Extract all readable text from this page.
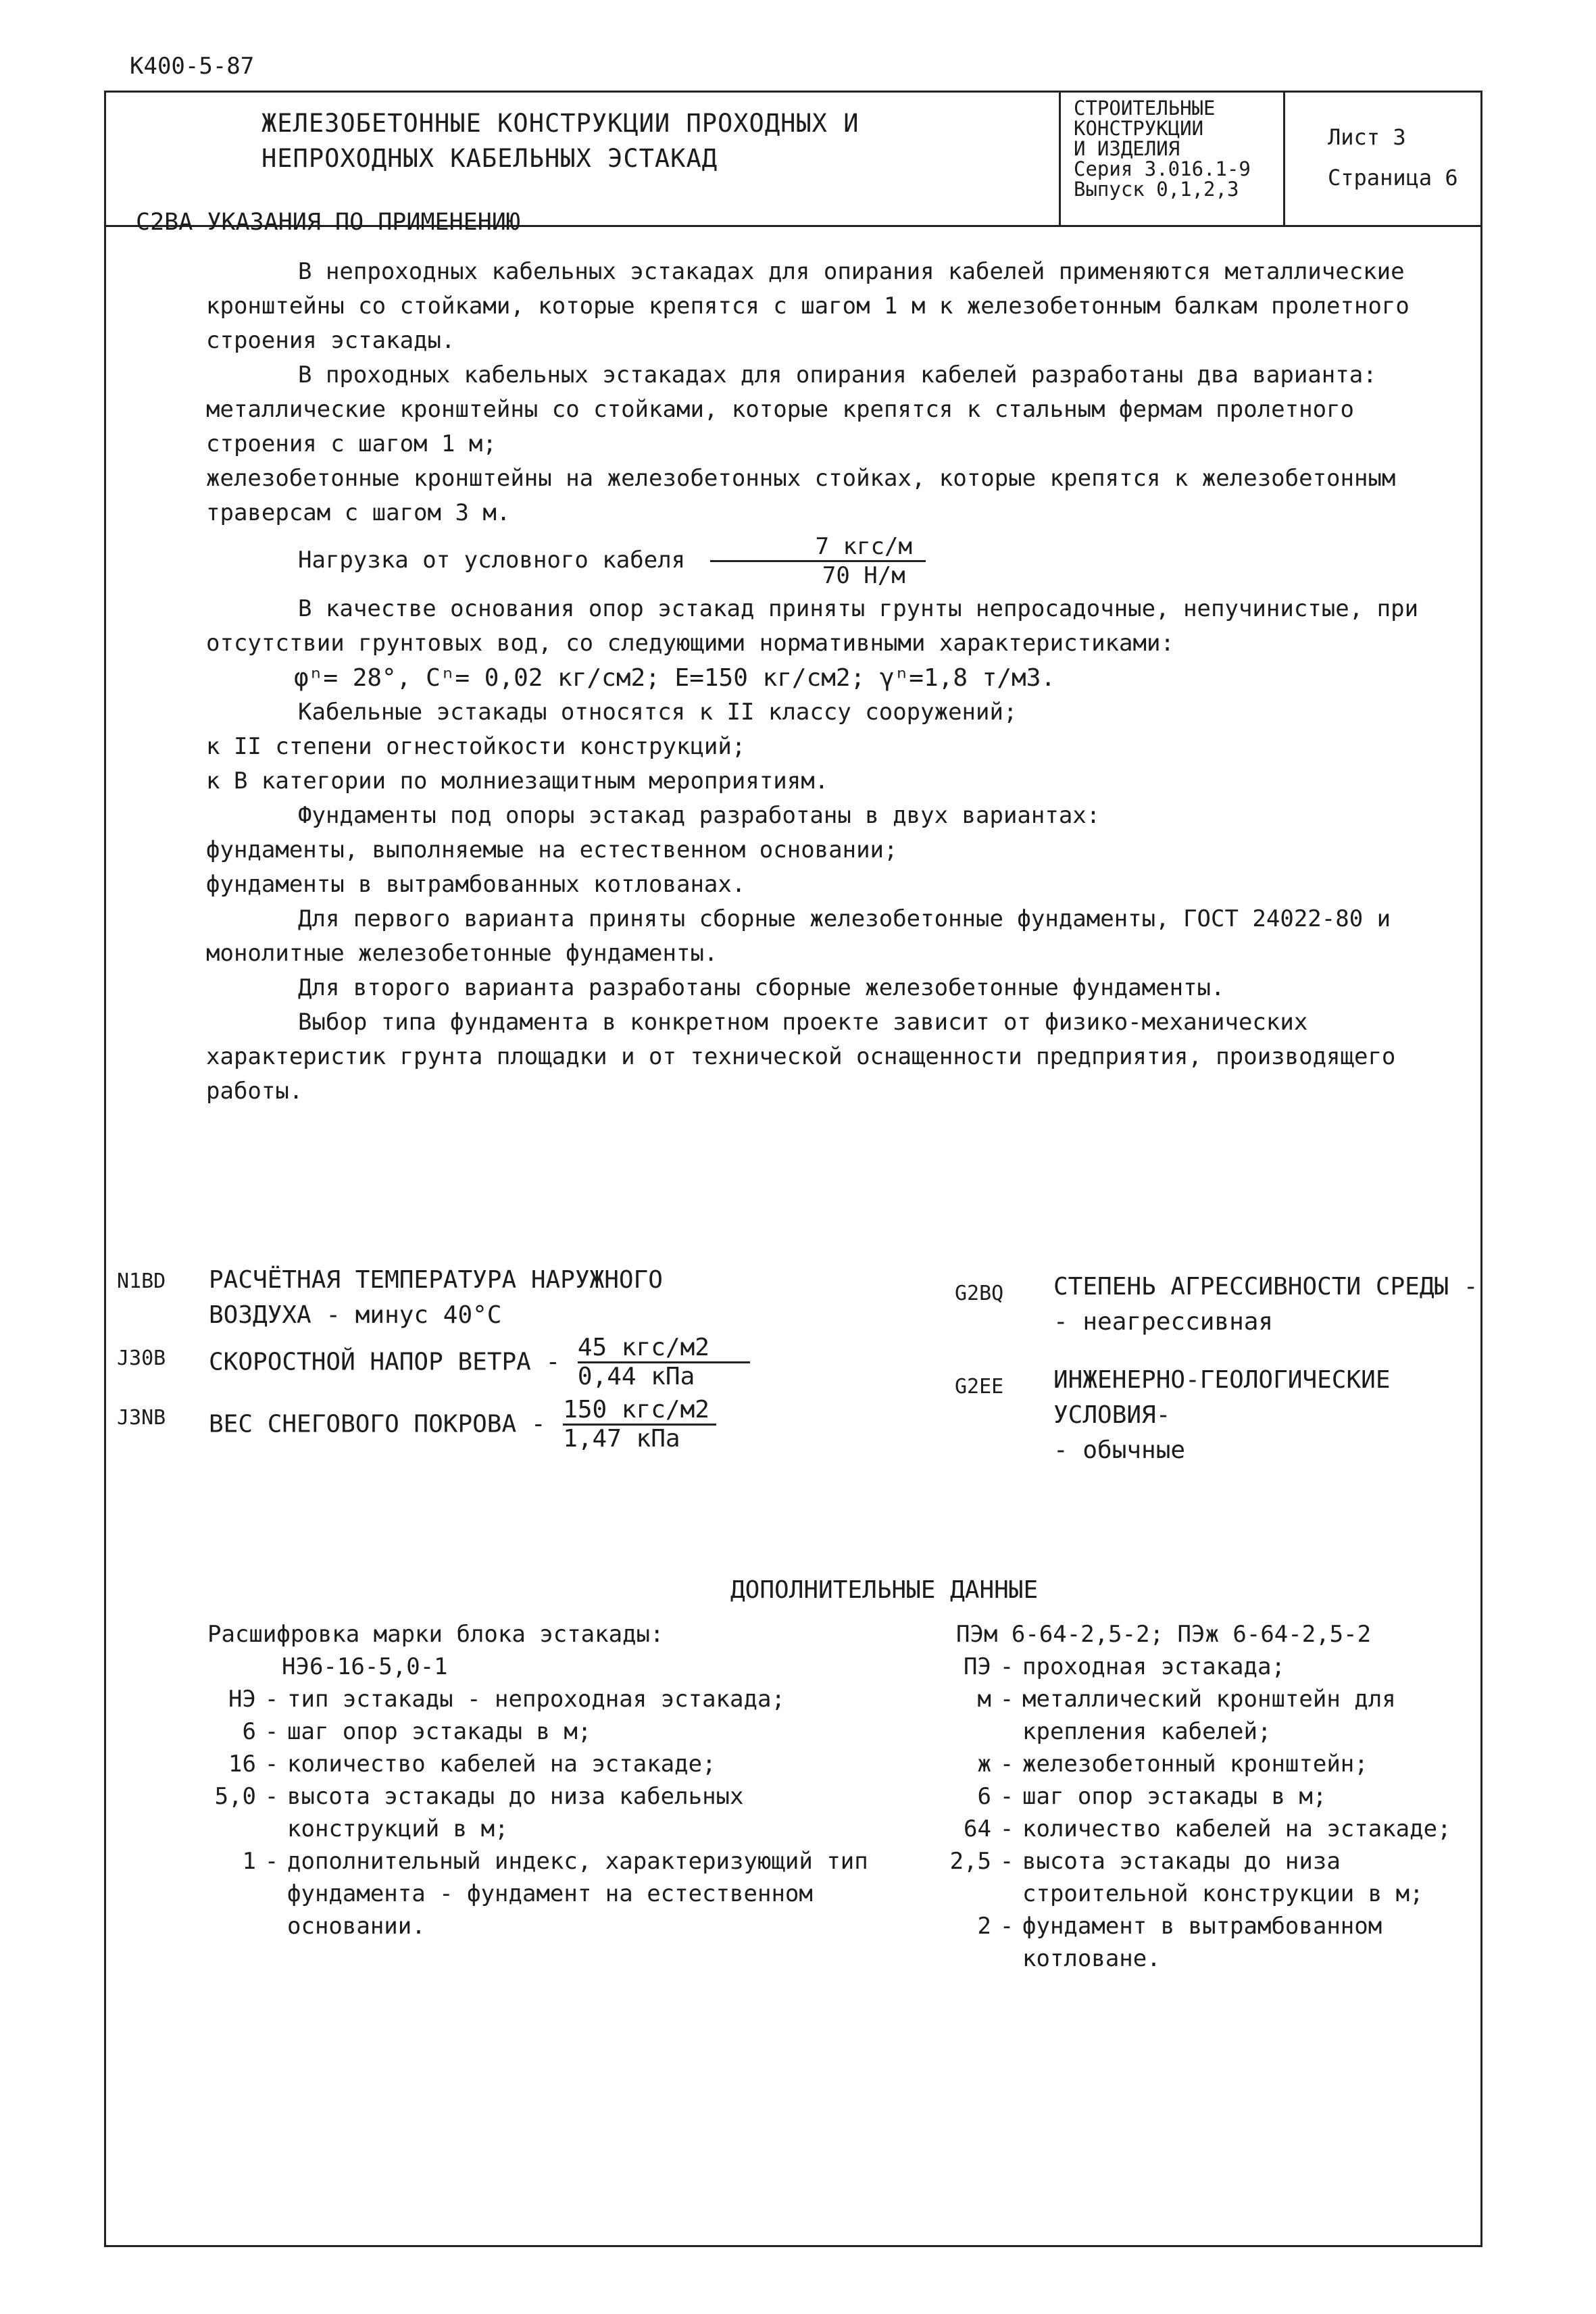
К400-5-87
ЖЕЛЕЗОБЕТОННЫЕ КОНСТРУКЦИИ ПРОХОДНЫХ И
НЕПРОХОДНЫХ КАБЕЛЬНЫХ ЭСТАКАД
СТРОИТЕЛЬНЫЕ
КОНСТРУКЦИИ
И ИЗДЕЛИЯ
Серия 3.016.1-9
Выпуск 0,1,2,3
Лист 3
Страница 6
С2ВА УКАЗАНИЯ ПО ПРИМЕНЕНИЮ

В непроходных кабельных эстакадах для опирания кабелей применяются металлические кронштейны со стойками, которые крепятся с шагом 1 м к железобетонным балкам пролетного строения эстакады.

В проходных кабельных эстакадах для опирания кабелей разработаны два варианта:

металлические кронштейны со стойками, которые крепятся к стальным фермам пролетного строения с шагом 1 м;

железобетонные кронштейны на железобетонных стойках, которые крепятся к железобетонным траверсам с шагом 3 м.

Нагрузка от условного кабеля $\frac{\text{7 кгс/м}}{70 Н/м}$

В качестве основания опор эстакад приняты грунты непросадочные, непучинистые, при отсутствии грунтовых вод, со следующими нормативными характеристиками:

φⁿ= 28°, Cⁿ= 0,02 кг/см2; E=150 кг/см2; γⁿ=1,8 т/м3.

Кабельные эстакады относятся к II классу сооружений;

к II степени огнестойкости конструкций;

к В категории по молниезащитным мероприятиям.

Фундаменты под опоры эстакад разработаны в двух вариантах:

фундаменты, выполняемые на естественном основании;

фундаменты в вытрамбованных котлованах.

Для первого варианта приняты сборные железобетонные фундаменты, ГОСТ 24022-80 и монолитные железобетонные фундаменты.

Для второго варианта разработаны сборные железобетонные фундаменты.

Выбор типа фундамента в конкретном проекте зависит от физико-механических характеристик грунта площадки и от технической оснащенности предприятия, производящего работы.

N1BD РАСЧЁТНАЯ ТЕМПЕРАТУРА НАРУЖНОГО
ВОЗДУХА - минус 40°С
J30B СКОРОСТНОЙ НАПОР ВЕТРА - $\frac{\text{45 кгс/м2}}{\text{0,44 кПа}}$
J3NB ВЕС СНЕГОВОГО ПОКРОВА - $\frac{\text{150 кгс/м2}}{\text{1,47 кПа}}$
G2BQ СТЕПЕНЬ АГРЕССИВНОСТИ СРЕДЫ -
- неагрессивная
G2EE ИНЖЕНЕРНО-ГЕОЛОГИЧЕСКИЕ УСЛОВИЯ-
- обычные
ДОПОЛНИТЕЛЬНЫЕ ДАННЫЕ
Расшифровка марки блока эстакады:
НЭ6-16-5,0-1
НЭ - тип эстакады - непроходная эстакада;
6 - шаг опор эстакады в м;
16 - количество кабелей на эстакаде;
5,0 - высота эстакады до низа кабельных конструкций в м;
1 - дополнительный индекс, характеризующий тип фундамента - фундамент на естественном основании.
ПЭм 6-64-2,5-2; ПЭж 6-64-2,5-2
ПЭ - проходная эстакада;
м - металлический кронштейн для крепления кабелей;
ж - железобетонный кронштейн;
6 - шаг опор эстакады в м;
64 - количество кабелей на эстакаде;
2,5 - высота эстакады до низа строительной конструкции в м;
2 - фундамент в вытрамбованном котловане.
